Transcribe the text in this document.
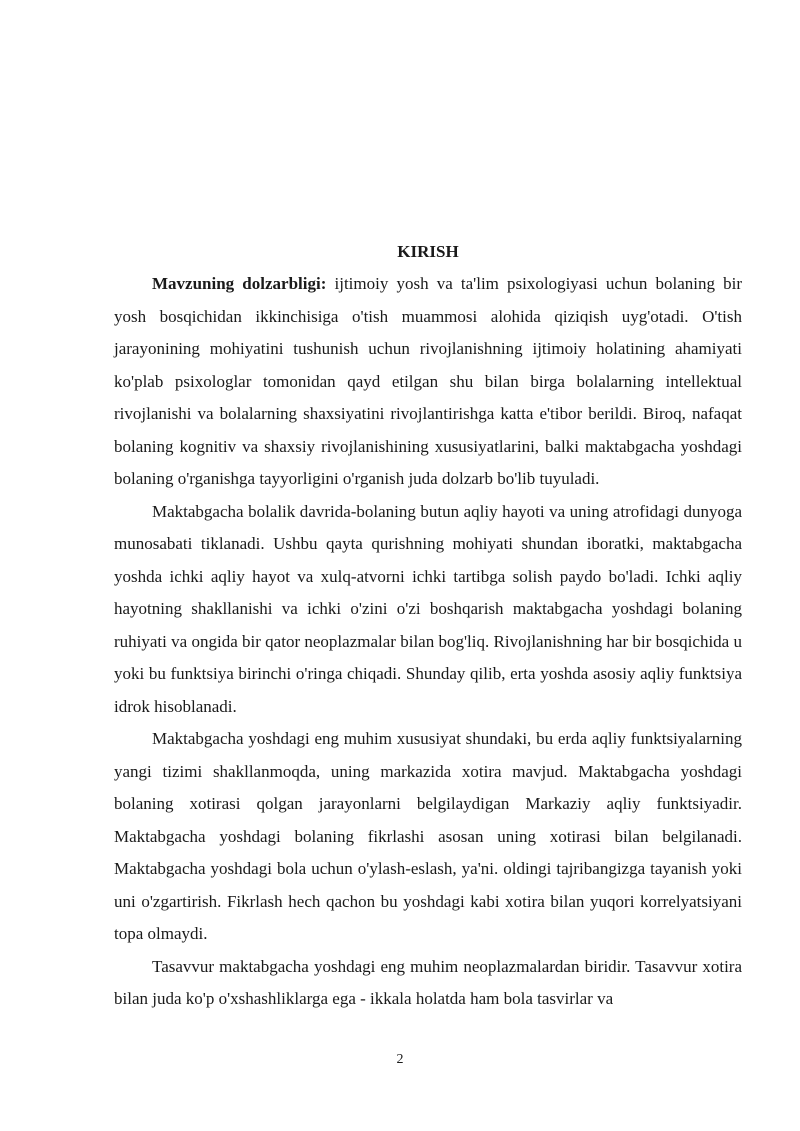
KIRISH

Mavzuning dolzarbligi: ijtimoiy yosh va ta'lim psixologiyasi uchun bolaning bir yosh bosqichidan ikkinchisiga o'tish muammosi alohida qiziqish uyg'otadi. O'tish jarayonining mohiyatini tushunish uchun rivojlanishning ijtimoiy holatining ahamiyati ko'plab psixologlar tomonidan qayd etilgan shu bilan birga bolalarning intellektual rivojlanishi va bolalarning shaxsiyatini rivojlantirishga katta e'tibor berildi. Biroq, nafaqat bolaning kognitiv va shaxsiy rivojlanishining xususiyatlarini, balki maktabgacha yoshdagi bolaning o'rganishga tayyorligini o'rganish juda dolzarb bo'lib tuyuladi.

Maktabgacha bolalik davrida-bolaning butun aqliy hayoti va uning atrofidagi dunyoga munosabati tiklanadi. Ushbu qayta qurishning mohiyati shundan iboratki, maktabgacha yoshda ichki aqliy hayot va xulq-atvorni ichki tartibga solish paydo bo'ladi. Ichki aqliy hayotning shakllanishi va ichki o'zini o'zi boshqarish maktabgacha yoshdagi bolaning ruhiyati va ongida bir qator neoplazmalar bilan bog'liq. Rivojlanishning har bir bosqichida u yoki bu funktsiya birinchi o'ringa chiqadi. Shunday qilib, erta yoshda asosiy aqliy funktsiya idrok hisoblanadi.

Maktabgacha yoshdagi eng muhim xususiyat shundaki, bu erda aqliy funktsiyalarning yangi tizimi shakllanmoqda, uning markazida xotira mavjud. Maktabgacha yoshdagi bolaning xotirasi qolgan jarayonlarni belgilaydigan Markaziy aqliy funktsiyadir. Maktabgacha yoshdagi bolaning fikrlashi asosan uning xotirasi bilan belgilanadi. Maktabgacha yoshdagi bola uchun o'ylash-eslash, ya'ni. oldingi tajribangizga tayanish yoki uni o'zgartirish. Fikrlash hech qachon bu yoshdagi kabi xotira bilan yuqori korrelyatsiyani topa olmaydi.

Tasavvur maktabgacha yoshdagi eng muhim neoplazmalardan biridir. Tasavvur xotira bilan juda ko'p o'xshashliklarga ega - ikkala holatda ham bola tasvirlar va

2
